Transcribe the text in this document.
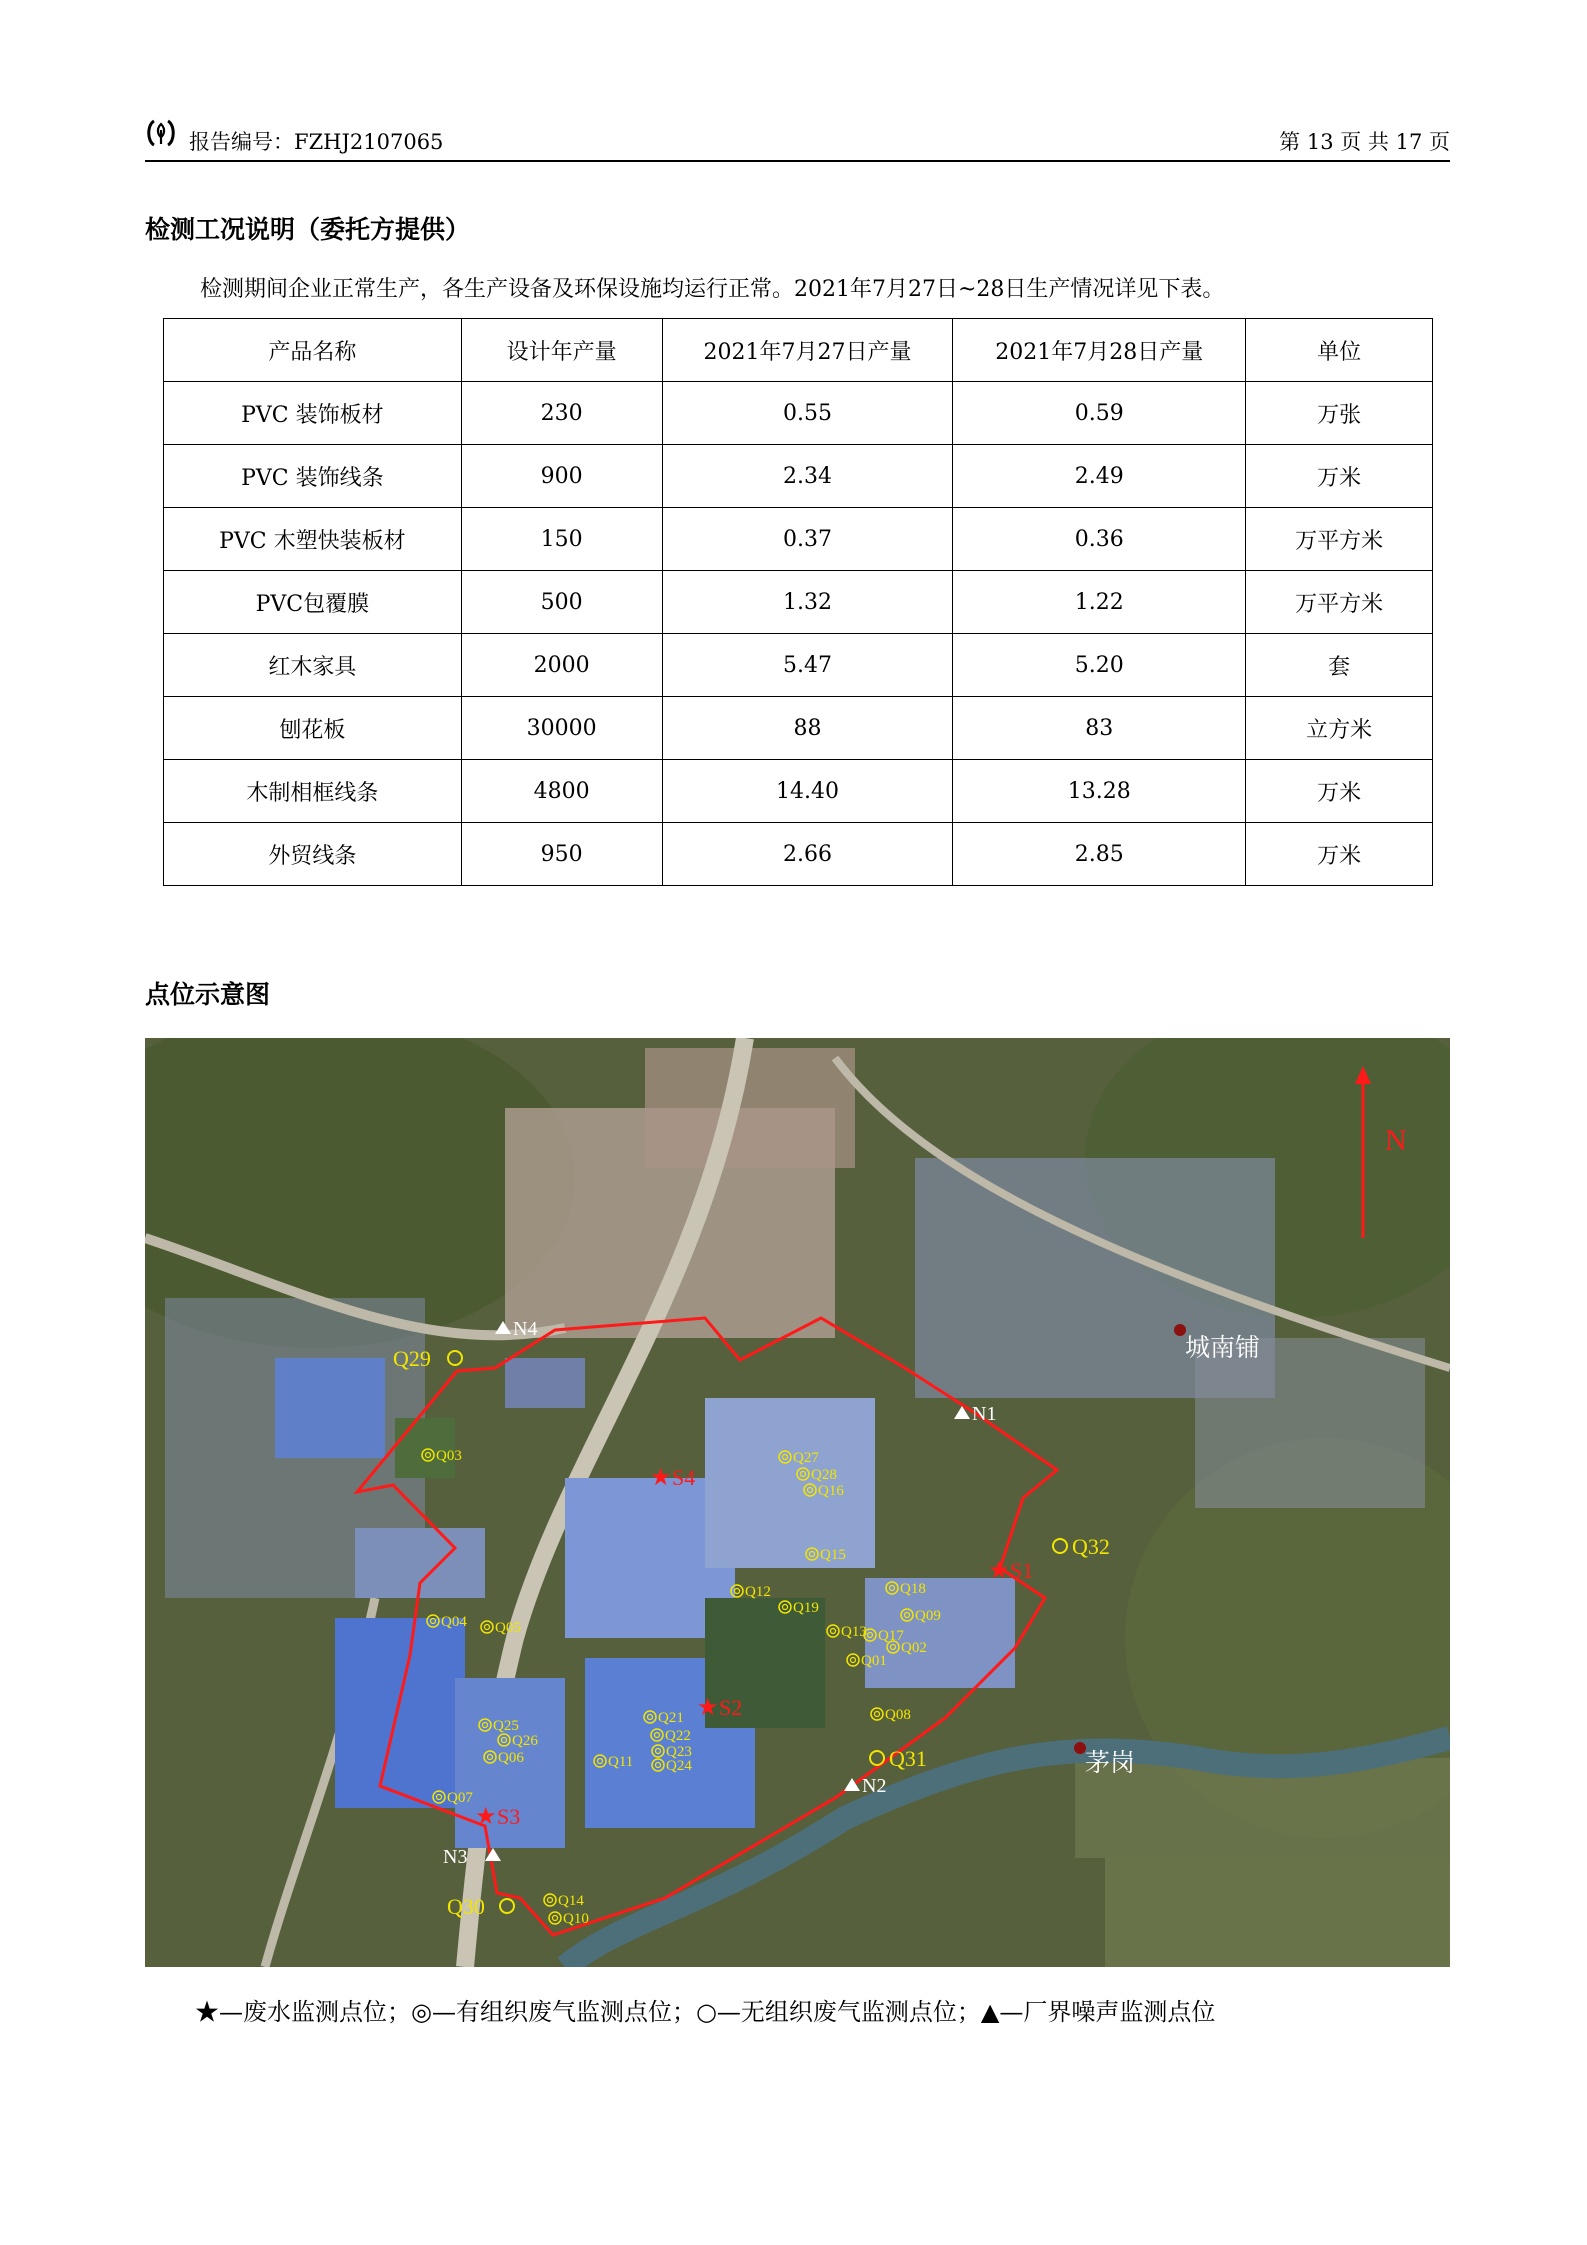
报告编号：FZHJ2107065	第 13 页 共 17 页
检测工况说明（委托方提供）
检测期间企业正常生产，各生产设备及环保设施均运行正常。2021年7月27日~28日生产情况详见下表。
产品名称	设计年产量	2021年7月27日产量	2021年7月28日产量	单位
PVC 装饰板材	230	0.55	0.59	万张
PVC 装饰线条	900	2.34	2.49	万米
PVC 木塑快装板材	150	0.37	0.36	万平方米
PVC包覆膜	500	1.32	1.22	万平方米
红木家具	2000	5.47	5.20	套
刨花板	30000	88	83	立方米
木制相框线条	4800	14.40	13.28	万米
外贸线条	950	2.66	2.85	万米
点位示意图
N
城南铺
茅岗
N4
N1
N2
N3
★ S4
★ S1
★ S2
★ S3
Q29
Q32
Q31
Q30
Q01
Q02
Q03
Q04 Q05
Q06
Q07
Q08
Q09
Q10
Q11
Q12
Q13
Q14
Q15
Q16
Q17
Q18
Q19
Q21
Q22
Q23
Q24
Q25
Q26
Q27
Q28
★—废水监测点位；◎—有组织废气监测点位；○—无组织废气监测点位；▲—厂界噪声监测点位
